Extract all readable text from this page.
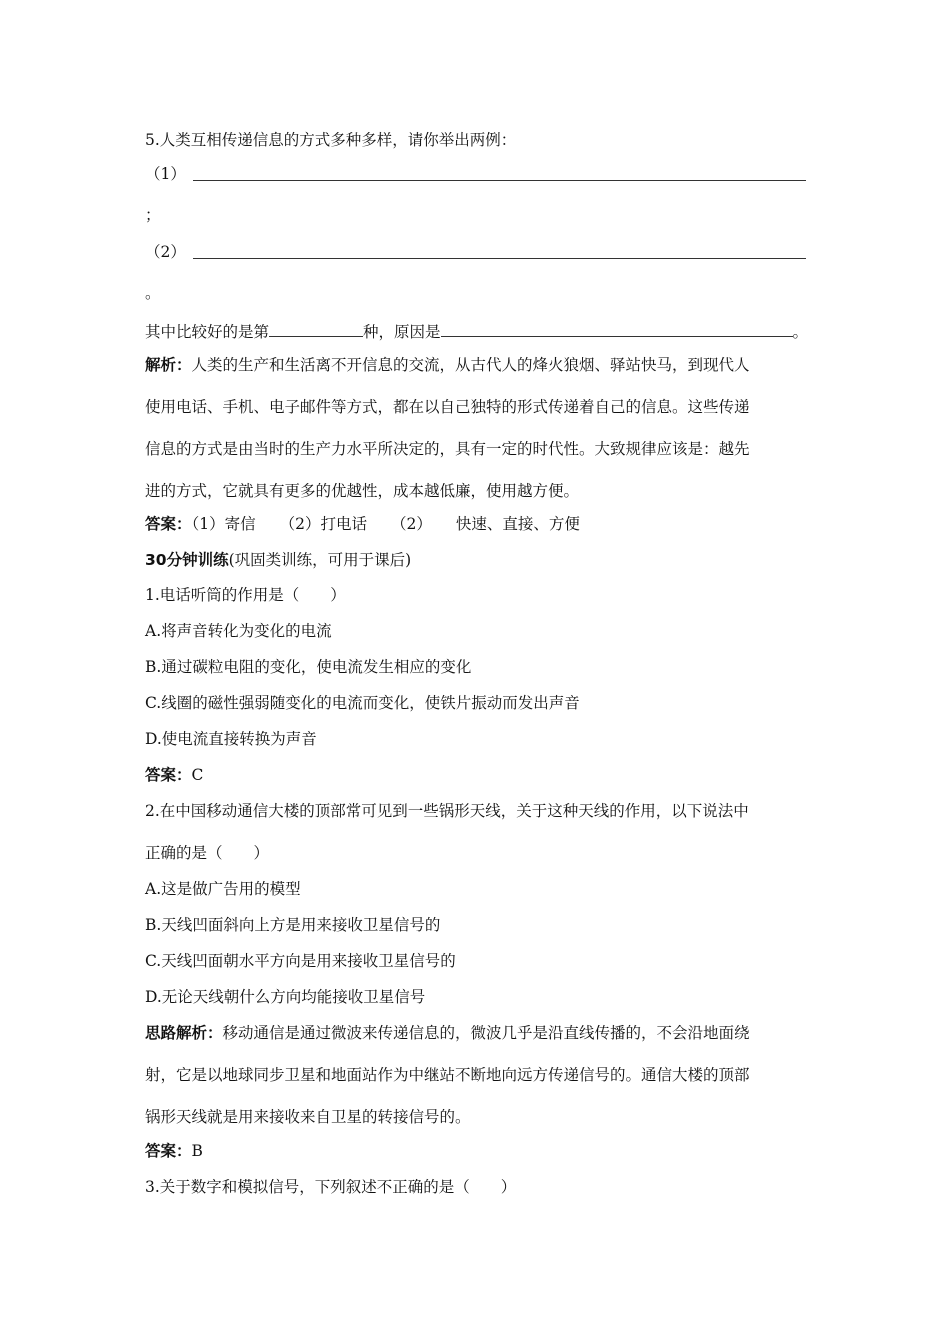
5.人类互相传递信息的方式多种多样，请你举出两例：
（1）
；
（2）
。
其中比较好的是第	种，原因是	。
解析：人类的生产和生活离不开信息的交流，从古代人的烽火狼烟、驿站快马，到现代人
使用电话、手机、电子邮件等方式，都在以自己独特的形式传递着自己的信息。这些传递
信息的方式是由当时的生产力水平所决定的，具有一定的时代性。大致规律应该是：越先
进的方式，它就具有更多的优越性，成本越低廉，使用越方便。
答案：（1）寄信 （2）打电话 （2） 快速、直接、方便
30分钟训练(巩固类训练，可用于课后)
1.电话听筒的作用是（　　）
A.将声音转化为变化的电流
B.通过碳粒电阻的变化，使电流发生相应的变化
C.线圈的磁性强弱随变化的电流而变化，使铁片振动而发出声音
D.使电流直接转换为声音
答案：C
2.在中国移动通信大楼的顶部常可见到一些锅形天线，关于这种天线的作用，以下说法中
正确的是（　　）
A.这是做广告用的模型
B.天线凹面斜向上方是用来接收卫星信号的
C.天线凹面朝水平方向是用来接收卫星信号的
D.无论天线朝什么方向均能接收卫星信号
思路解析：移动通信是通过微波来传递信息的，微波几乎是沿直线传播的，不会沿地面绕
射，它是以地球同步卫星和地面站作为中继站不断地向远方传递信号的。通信大楼的顶部
锅形天线就是用来接收来自卫星的转接信号的。
答案：B
3.关于数字和模拟信号，下列叙述不正确的是（　　）
